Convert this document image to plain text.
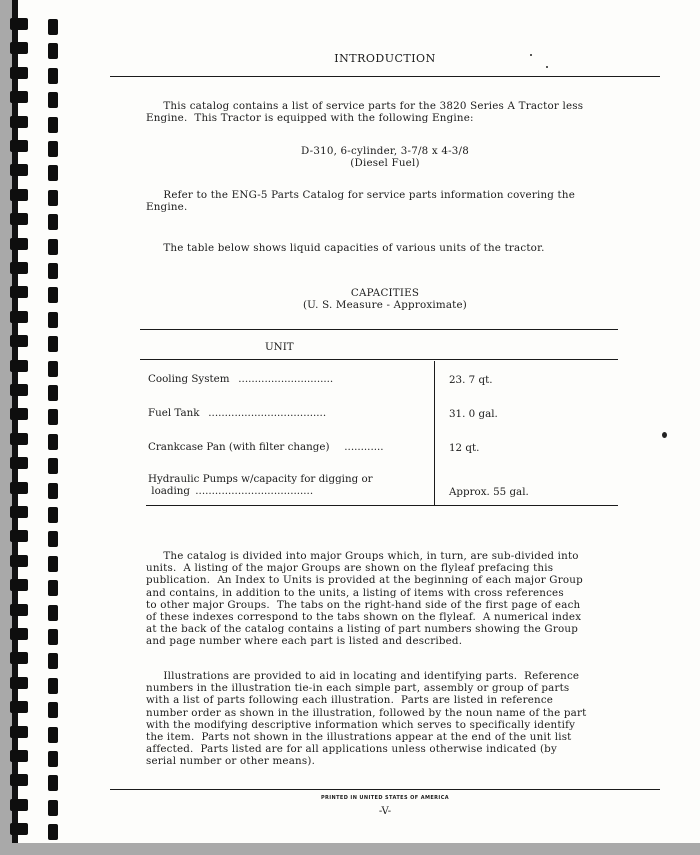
INTRODUCTION
This catalog contains a list of service parts for the 3820 Series A Tractor less
Engine.  This Tractor is equipped with the following Engine:
D-310, 6-cylinder, 3-7/8 x 4-3/8
(Diesel Fuel)
Refer to the ENG-5 Parts Catalog for service parts information covering the
Engine.
The table below shows liquid capacities of various units of the tractor.
CAPACITIES
(U. S. Measure - Approximate)
UNIT
Cooling System .............................	23. 7 qt.
Fuel Tank ....................................	31. 0 gal.
Crankcase Pan (with filter change) ............	12 qt.
Hydraulic Pumps w/capacity for digging or
loading ....................................	Approx. 55 gal.
The catalog is divided into major Groups which, in turn, are sub-divided into
units.  A listing of the major Groups are shown on the flyleaf prefacing this
publication.  An Index to Units is provided at the beginning of each major Group
and contains, in addition to the units, a listing of items with cross references
to other major Groups.  The tabs on the right-hand side of the first page of each
of these indexes correspond to the tabs shown on the flyleaf.  A numerical index
at the back of the catalog contains a listing of part numbers showing the Group
and page number where each part is listed and described.
Illustrations are provided to aid in locating and identifying parts.  Reference
numbers in the illustration tie-in each simple part, assembly or group of parts
with a list of parts following each illustration.  Parts are listed in reference
number order as shown in the illustration, followed by the noun name of the part
with the modifying descriptive information which serves to specifically identify
the item.  Parts not shown in the illustrations appear at the end of the unit list
affected.  Parts listed are for all applications unless otherwise indicated (by
serial number or other means).
PRINTED IN UNITED STATES OF AMERICA
-V-
